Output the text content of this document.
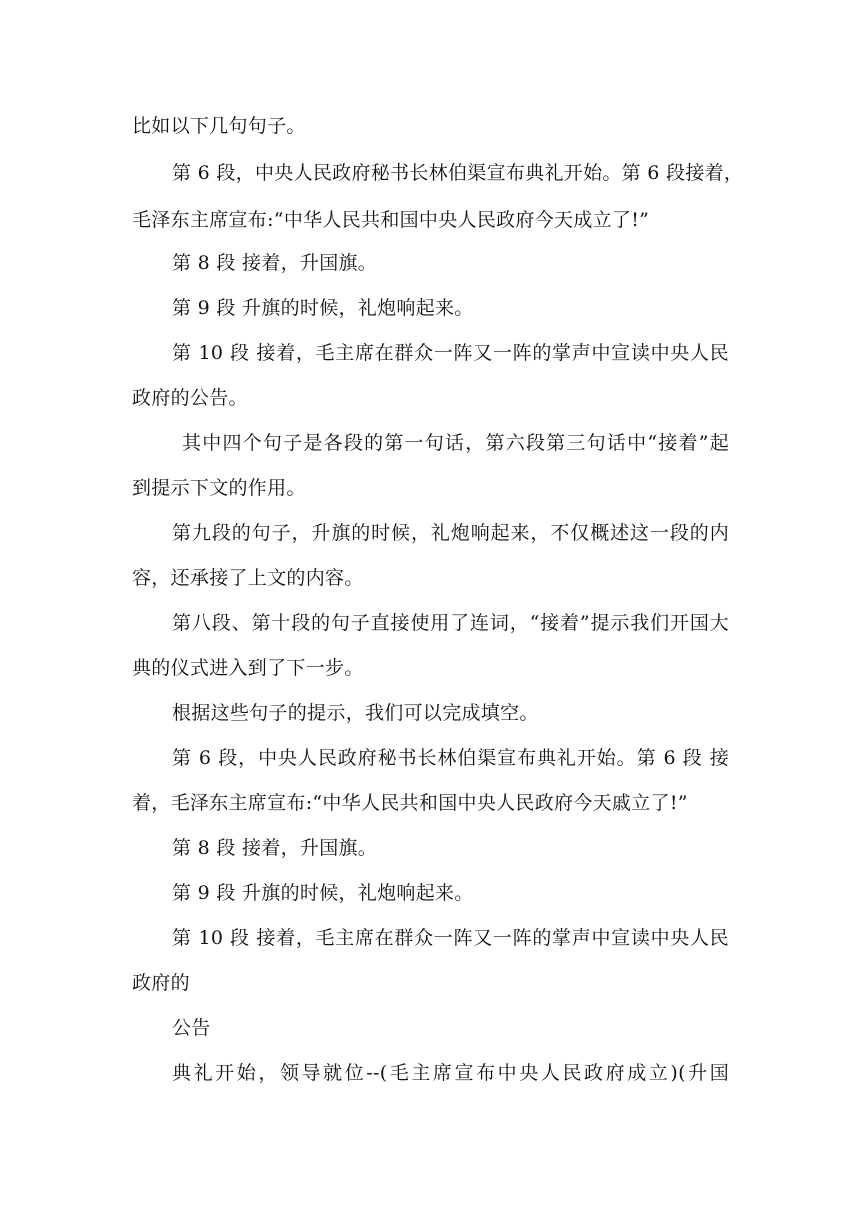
比如以下几句句子。
第 6 段，中央人民政府秘书长林伯渠宣布典礼开始。第 6 段接着，
毛泽东主席宣布:“中华人民共和国中央人民政府今天成立了!”
第 8 段 接着，升国旗。
第 9 段 升旗的时候，礼炮响起来。
第 10 段 接着，毛主席在群众一阵又一阵的掌声中宣读中央人民
政府的公告。
其中四个句子是各段的第一句话，第六段第三句话中“接着”起
到提示下文的作用。
第九段的句子，升旗的时候，礼炮响起来，不仅概述这一段的内
容，还承接了上文的内容。
第八段、第十段的句子直接使用了连词，“接着”提示我们开国大
典的仪式进入到了下一步。
根据这些句子的提示，我们可以完成填空。
第 6 段，中央人民政府秘书长林伯渠宣布典礼开始。第 6 段 接
着，毛泽东主席宣布:“中华人民共和国中央人民政府今天戚立了!”
第 8 段 接着，升国旗。
第 9 段 升旗的时候，礼炮响起来。
第 10 段 接着，毛主席在群众一阵又一阵的掌声中宣读中央人民
政府的
公告
典礼开始，领导就位--(毛主席宣布中央人民政府成立)(升国
